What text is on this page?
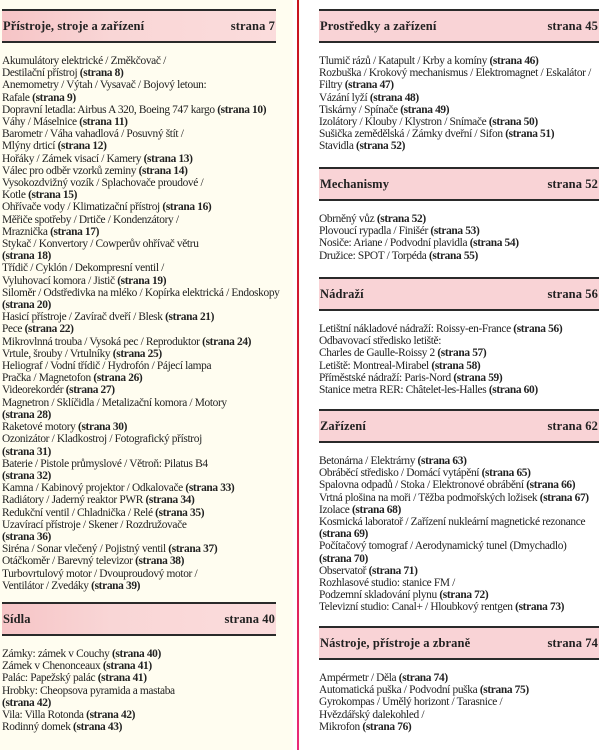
Přístroje, stroje a zařízení	strana 7
Akumulátory elektrické / Změkčovač /
Destilační přístroj (strana 8)
Anemometry / Výtah / Vysavač / Bojový letoun:
Rafale (strana 9)
Dopravní letadla: Airbus A 320, Boeing 747 kargo (strana 10)
Váhy / Máselnice (strana 11)
Barometr / Váha vahadlová / Posuvný štít /
Mlýny drticí (strana 12)
Hořáky / Zámek visací / Kamery (strana 13)
Válec pro odběr vzorků zeminy (strana 14)
Vysokozdvižný vozík / Splachovače proudové /
Kotle (strana 15)
Ohřívače vody / Klimatizační přístroj (strana 16)
Měřiče spotřeby / Drtiče / Kondenzátory /
Mraznička (strana 17)
Stykač / Konvertory / Cowperův ohřívač větru
(strana 18)
Třídič / Cyklón / Dekompresní ventil /
Vyluhovací komora / Jistič (strana 19)
Siloměr / Odstředivka na mléko / Kopírka elektrická / Endoskopy
(strana 20)
Hasicí přístroje / Zavírač dveří / Blesk (strana 21)
Pece (strana 22)
Mikrovlnná trouba / Vysoká pec / Reproduktor (strana 24)
Vrtule, šrouby / Vrtulníky (strana 25)
Heliograf / Vodní třídič / Hydrofón / Pájecí lampa
Pračka / Magnetofon (strana 26)
Videorekordér (strana 27)
Magnetron / Sklíčidla / Metalizační komora / Motory
(strana 28)
Raketové motory (strana 30)
Ozonizátor / Kladkostroj / Fotografický přístroj
(strana 31)
Baterie / Pistole průmyslové / Větroň: Pilatus B4
(strana 32)
Kamna / Kabinový projektor / Odkalovače (strana 33)
Radiátory / Jaderný reaktor PWR (strana 34)
Redukční ventil / Chladnička / Relé (strana 35)
Uzavírací přístroje / Skener / Rozdružovače
(strana 36)
Siréna / Sonar vlečený / Pojistný ventil (strana 37)
Otáčkoměr / Barevný televizor (strana 38)
Turbovrtulový motor / Dvouproudový motor /
Ventilátor / Zvedáky (strana 39)
Sídla	strana 40
Zámky: zámek v Couchy (strana 40)
Zámek v Chenonceaux (strana 41)
Palác: Papežský palác (strana 41)
Hrobky: Cheopsova pyramida a mastaba
(strana 42)
Vila: Villa Rotonda (strana 42)
Rodinný domek (strana 43)
Prostředky a zařízení	strana 45
Tlumič rázů / Katapult / Krby a komíny (strana 46)
Rozbuška / Krokový mechanismus / Elektromagnet / Eskalátor /
Filtry (strana 47)
Vázání lyží (strana 48)
Tiskárny / Spínače (strana 49)
Izolátory / Klouby / Klystron / Snímače (strana 50)
Sušička zemědělská / Zámky dveřní / Sifon (strana 51)
Stavidla (strana 52)
Mechanismy	strana 52
Obrněný vůz (strana 52)
Plovoucí rypadla / Finišér (strana 53)
Nosiče: Ariane / Podvodní plavidla (strana 54)
Družice: SPOT / Torpéda (strana 55)
Nádraží	strana 56
Letištní nákladové nádraží: Roissy-en-France (strana 56)
Odbavovací středisko letiště:
Charles de Gaulle-Roissy 2 (strana 57)
Letiště: Montreal-Mirabel (strana 58)
Příměstské nádraží: Paris-Nord (strana 59)
Stanice metra RER: Châtelet-les-Halles (strana 60)
Zařízení	strana 62
Betonárna / Elektrárny (strana 63)
Obráběcí středisko / Domácí vytápění (strana 65)
Spalovna odpadů / Stoka / Elektronové obrábění (strana 66)
Vrtná plošina na moři / Těžba podmořských ložisek (strana 67)
Izolace (strana 68)
Kosmická laboratoř / Zařízení nukleární magnetické rezonance
(strana 69)
Počítačový tomograf / Aerodynamický tunel (Dmychadlo)
(strana 70)
Observatoř (strana 71)
Rozhlasové studio: stanice FM /
Podzemní skladování plynu (strana 72)
Televizní studio: Canal+ / Hloubkový rentgen (strana 73)
Nástroje, přístroje a zbraně	strana 74
Ampérmetr / Děla (strana 74)
Automatická puška / Podvodní puška (strana 75)
Gyrokompas / Umělý horizont / Tarasnice /
Hvězdářský dalekohled /
Mikrofon (strana 76)
